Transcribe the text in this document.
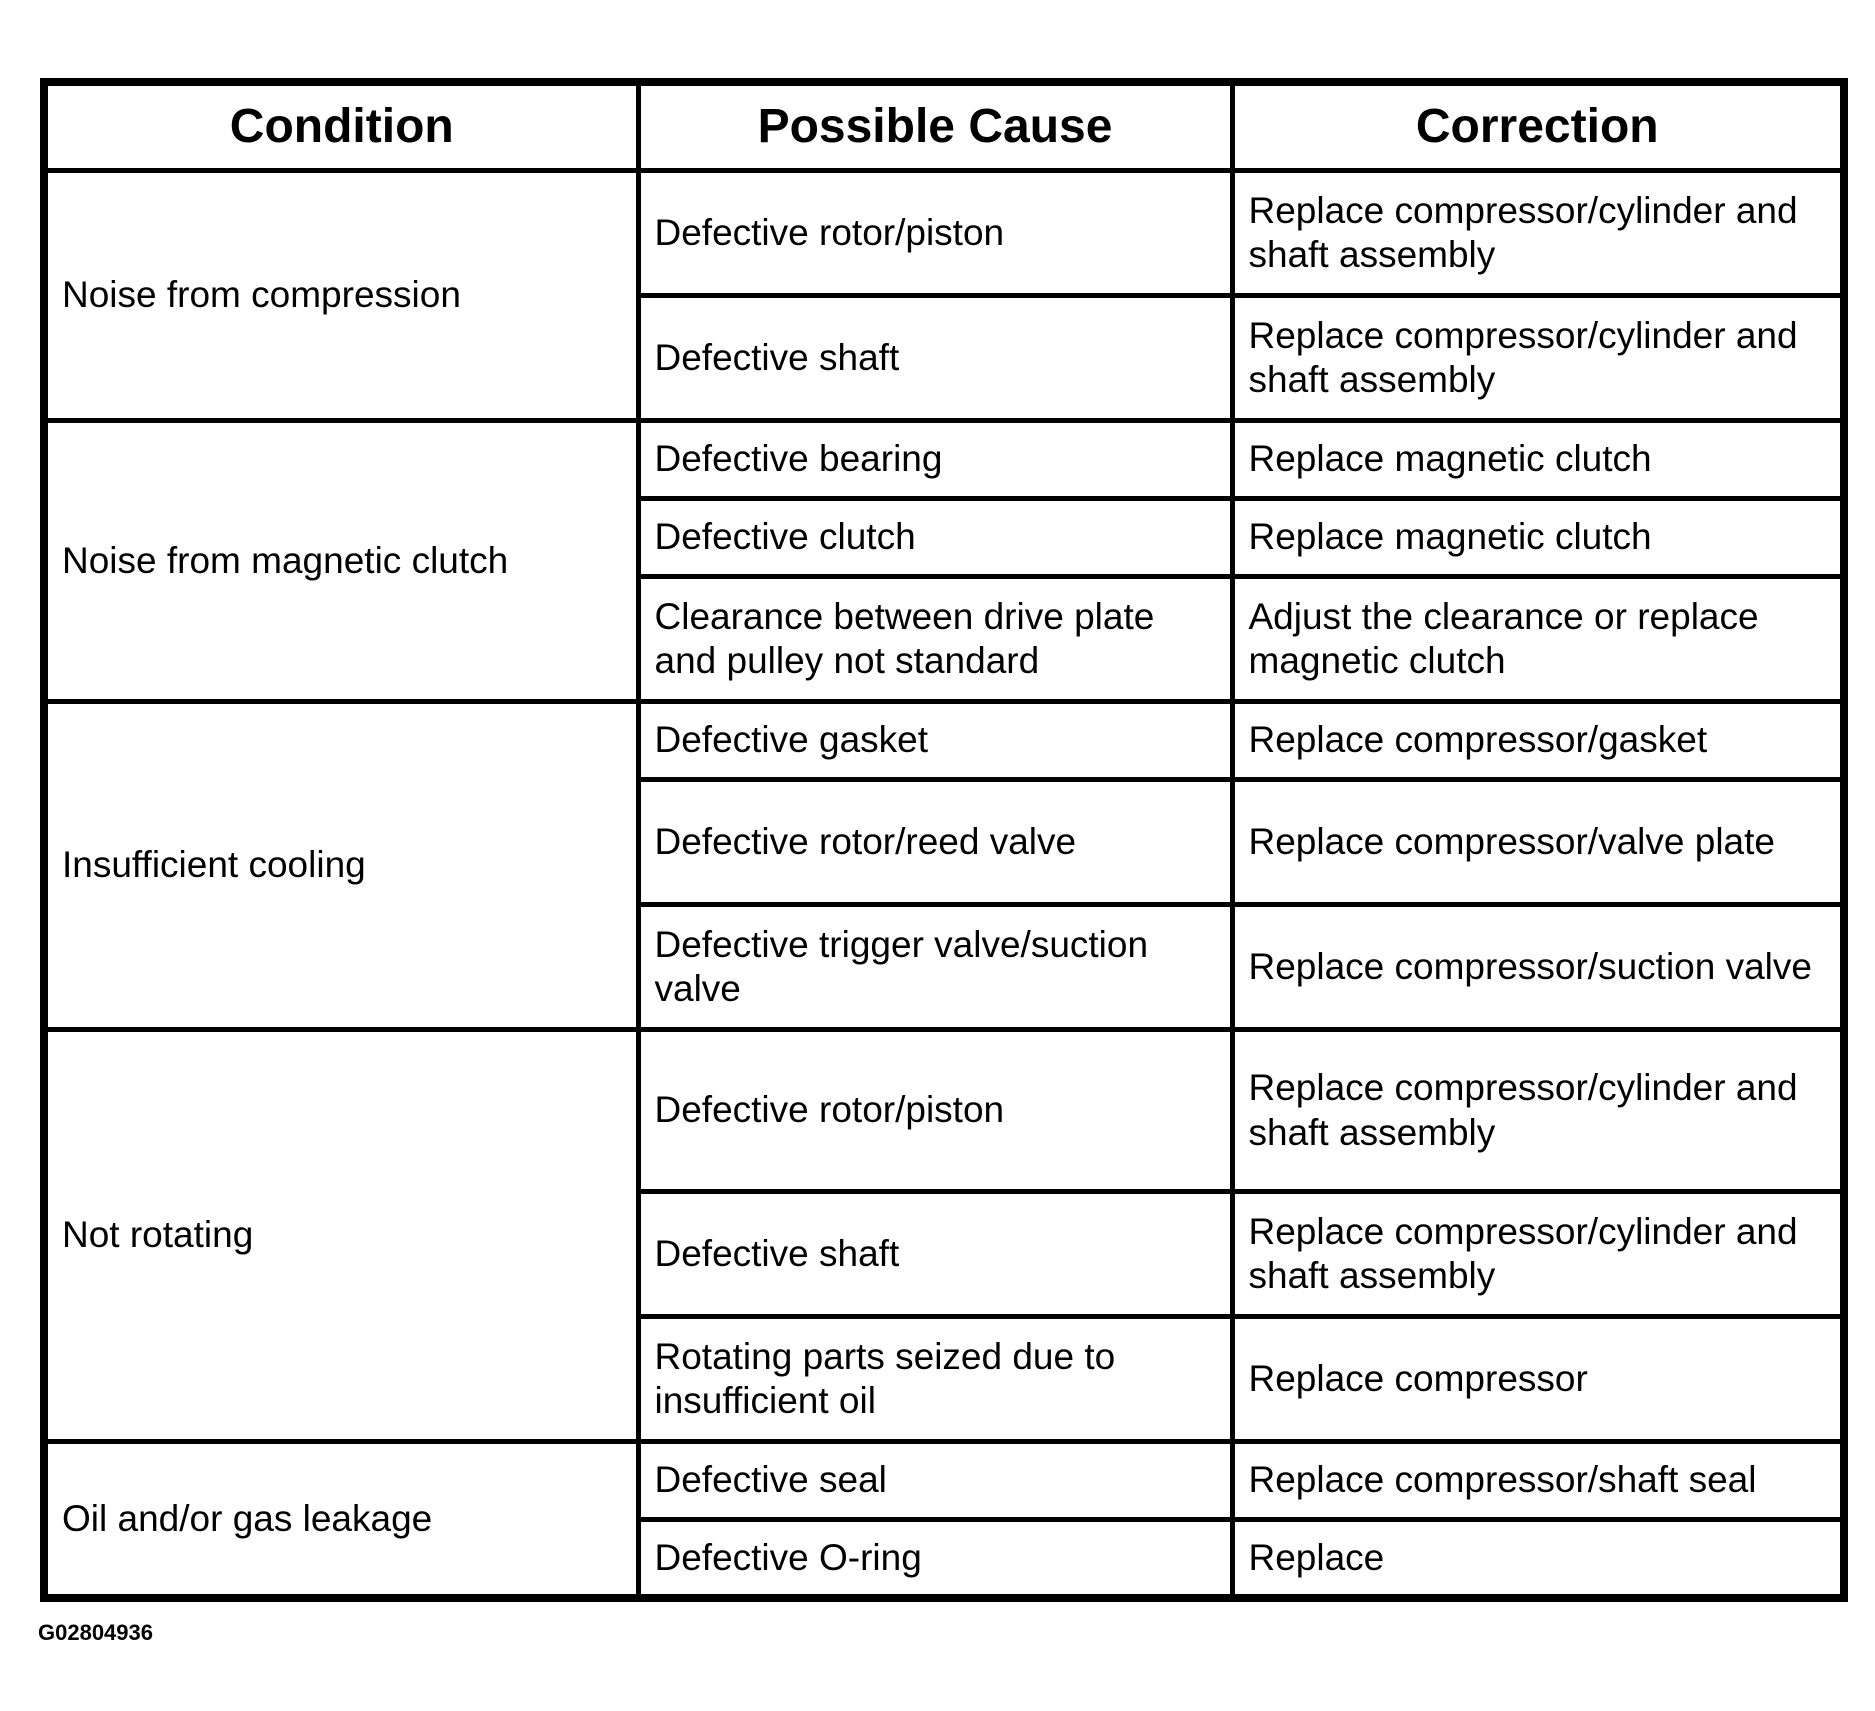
Condition	Possible Cause	Correction
Noise from compression	Defective rotor/piston	Replace compressor/cylinder and shaft assembly
	Defective shaft	Replace compressor/cylinder and shaft assembly
Noise from magnetic clutch	Defective bearing	Replace magnetic clutch
	Defective clutch	Replace magnetic clutch
	Clearance between drive plate and pulley not standard	Adjust the clearance or replace magnetic clutch
Insufficient cooling	Defective gasket	Replace compressor/gasket
	Defective rotor/reed valve	Replace compressor/valve plate
	Defective trigger valve/suction valve	Replace compressor/suction valve
Not rotating	Defective rotor/piston	Replace compressor/cylinder and shaft assembly
	Defective shaft	Replace compressor/cylinder and shaft assembly
	Rotating parts seized due to insufficient oil	Replace compressor
Oil and/or gas leakage	Defective seal	Replace compressor/shaft seal
	Defective O-ring	Replace
G02804936
